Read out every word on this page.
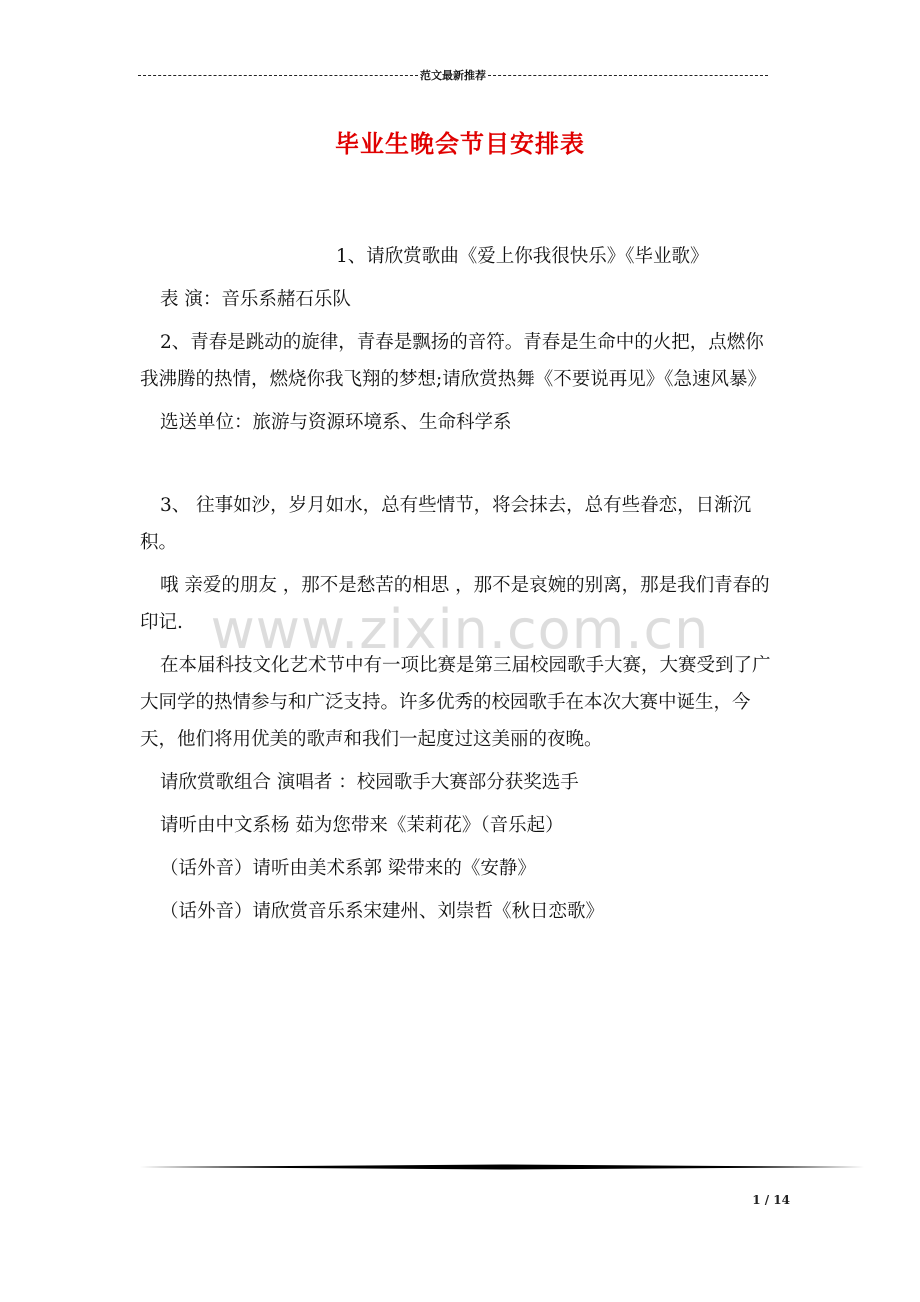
范文最新推荐
毕业生晚会节目安排表
www.zixin.com.cn

1、请欣赏歌曲《爱上你我很快乐》《毕业歌》

表 演：音乐系赭石乐队

2、青春是跳动的旋律，青春是飘扬的音符。青春是生命中的火把，点燃你我沸腾的热情，燃烧你我飞翔的梦想;请欣赏热舞《不要说再见》《急速风暴》

选送单位：旅游与资源环境系、生命科学系

3、 往事如沙，岁月如水，总有些情节，将会抹去，总有些眷恋，日渐沉积。

哦 亲爱的朋友 ，那不是愁苦的相思 ，那不是哀婉的别离，那是我们青春的印记.

在本届科技文化艺术节中有一项比赛是第三届校园歌手大赛，大赛受到了广大同学的热情参与和广泛支持。许多优秀的校园歌手在本次大赛中诞生，今天，他们将用优美的歌声和我们一起度过这美丽的夜晚。

请欣赏歌组合 演唱者 ：校园歌手大赛部分获奖选手

请听由中文系杨 茹为您带来《茉莉花》（音乐起）

（话外音）请听由美术系郭 梁带来的《安静》

（话外音）请欣赏音乐系宋建州、刘崇哲《秋日恋歌》

1 / 14
